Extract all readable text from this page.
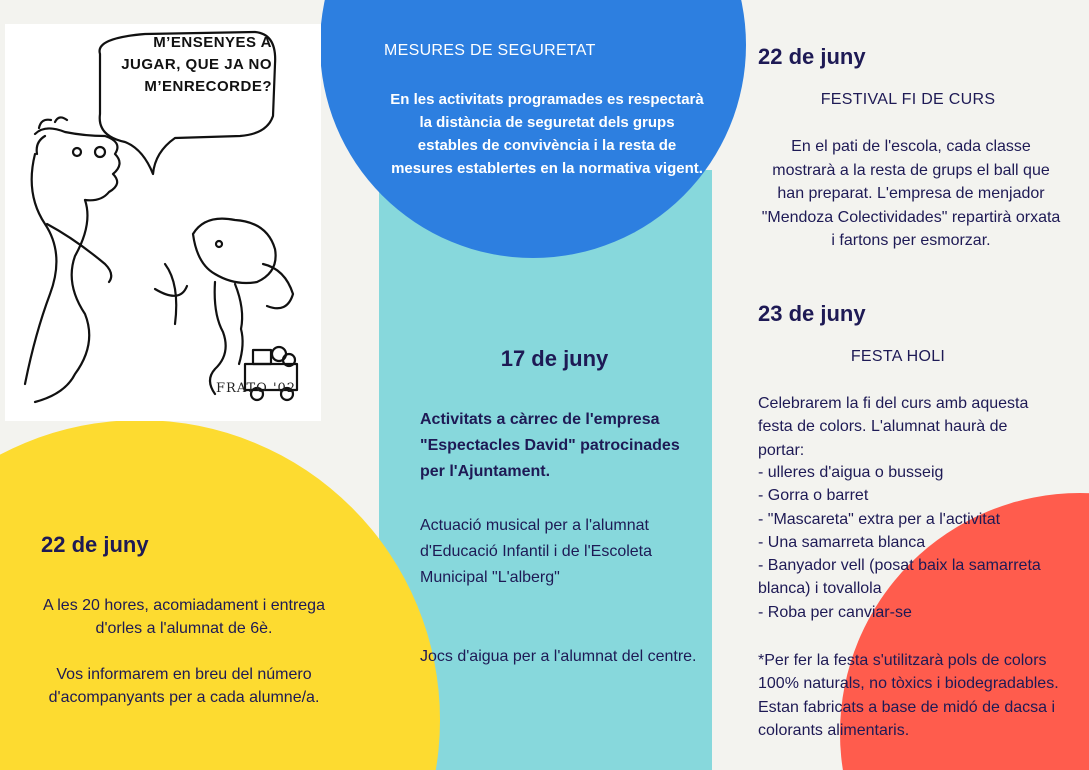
M’ENSENYES A
JUGAR, QUE JA NO
M’ENRECORDE?
FRATO '02
MESURES DE SEGURETAT
En les activitats programades es respectarà la distància de seguretat dels grups estables de convivència i la resta de mesures establertes en la normativa vigent.
17 de juny
Activitats a càrrec de l'empresa "Espectacles David" patrocinades per l'Ajuntament.
Actuació musical per a l'alumnat d'Educació Infantil i de l'Escoleta Municipal "L'alberg"
Jocs d'aigua per a l'alumnat del centre.
22 de juny
A les 20 hores, acomiadament i entrega d'orles a l'alumnat de 6è.
Vos informarem en breu del número d'acompanyants per a cada alumne/a.
22 de juny
FESTIVAL FI DE CURS
En el pati de l'escola, cada classe mostrarà a la resta de grups el ball que han preparat. L'empresa de menjador "Mendoza Colectividades" repartirà orxata i fartons per esmorzar.
23 de juny
FESTA HOLI
Celebrarem la fi del curs amb aquesta festa de colors. L'alumnat haurà de portar:
- ulleres d'aigua o busseig
- Gorra o barret
- "Mascareta" extra per a l'activitat
- Una samarreta blanca
- Banyador vell (posat baix la samarreta blanca) i tovallola
- Roba per canviar-se
*Per fer la festa s'utilitzarà pols de colors 100% naturals, no tòxics i biodegradables. Estan fabricats a base de midó de dacsa i colorants alimentaris.
